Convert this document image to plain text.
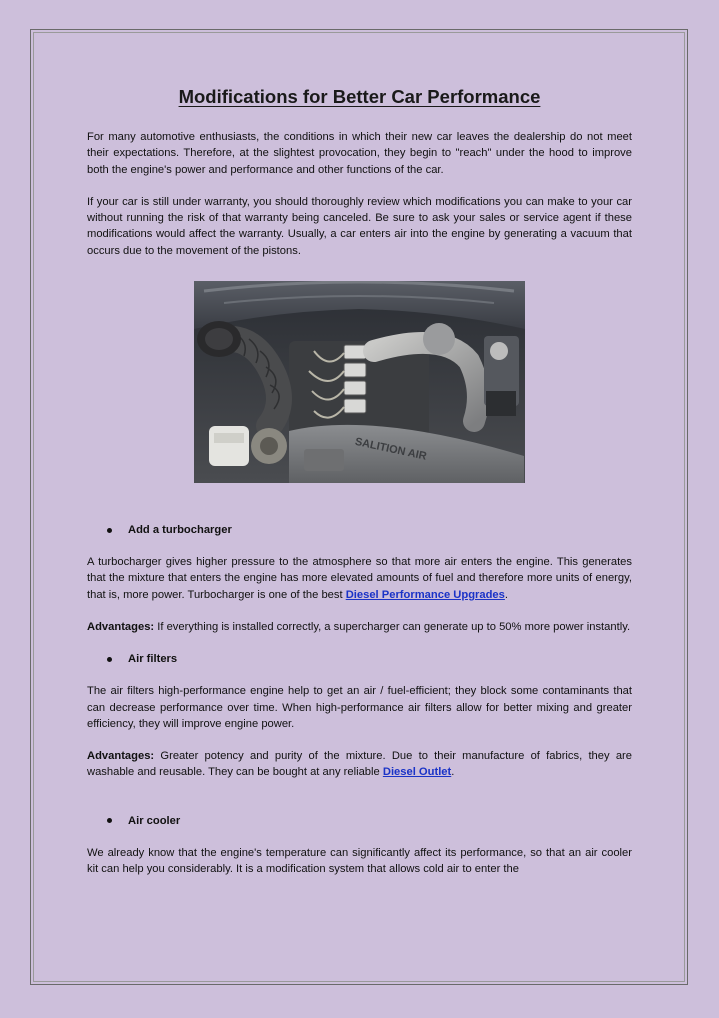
Modifications for Better Car Performance

For many automotive enthusiasts, the conditions in which their new car leaves the dealership do not meet their expectations. Therefore, at the slightest provocation, they begin to "reach" under the hood to improve both the engine's power and performance and other functions of the car.

If your car is still under warranty, you should thoroughly review which modifications you can make to your car without running the risk of that warranty being canceled. Be sure to ask your sales or service agent if these modifications would affect the warranty. Usually, a car enters air into the engine by generating a vacuum that occurs due to the movement of the pistons.

SALITION AIR
Add a turbocharger

A turbocharger gives higher pressure to the atmosphere so that more air enters the engine. This generates that the mixture that enters the engine has more elevated amounts of fuel and therefore more units of energy, that is, more power. Turbocharger is one of the best Diesel Performance Upgrades.

Advantages: If everything is installed correctly, a supercharger can generate up to 50% more power instantly.

Air filters

The air filters high-performance engine help to get an air / fuel-efficient; they block some contaminants that can decrease performance over time. When high-performance air filters allow for better mixing and greater efficiency, they will improve engine power.

Advantages: Greater potency and purity of the mixture. Due to their manufacture of fabrics, they are washable and reusable. They can be bought at any reliable Diesel Outlet.

Air cooler

We already know that the engine's temperature can significantly affect its performance, so that an air cooler kit can help you considerably. It is a modification system that allows cold air to enter the
